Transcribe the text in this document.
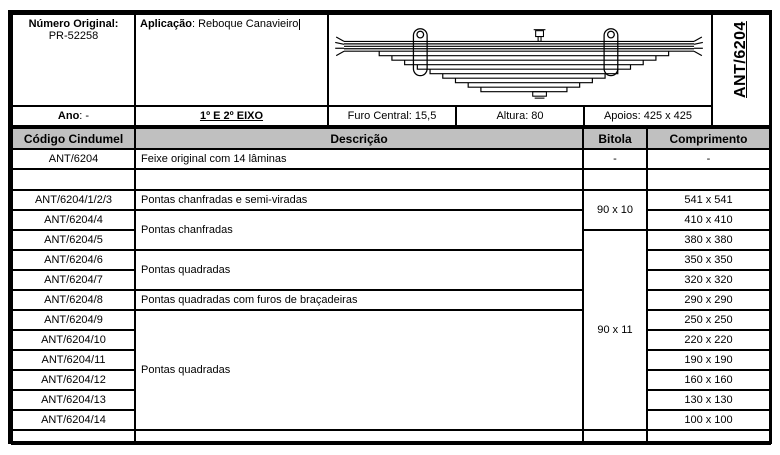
Número Original:
PR-52258	Aplicação: Reboque Canavieiro				ANT/6204

Ano: -	1º E 2º EIXO	Furo Central: 15,5	Altura: 80	Apoios: 425 x 425	
Código Cindumel	Descrição	Bitola	Comprimento
ANT/6204	Feixe original com 14 lâminas	-	-

ANT/6204/1/2/3	Pontas chanfradas e semi-viradas	90 x 10	541 x 541
ANT/6204/4	Pontas chanfradas		410 x 410
ANT/6204/5		90 x 11	380 x 380
ANT/6204/6	Pontas quadradas		350 x 350
ANT/6204/7			320 x 320
ANT/6204/8	Pontas quadradas com furos de braçadeiras		290 x 290
ANT/6204/9	Pontas quadradas		250 x 250
ANT/6204/10			220 x 220
ANT/6204/11			190 x 190
ANT/6204/12			160 x 160
ANT/6204/13			130 x 130
ANT/6204/14			100 x 100
